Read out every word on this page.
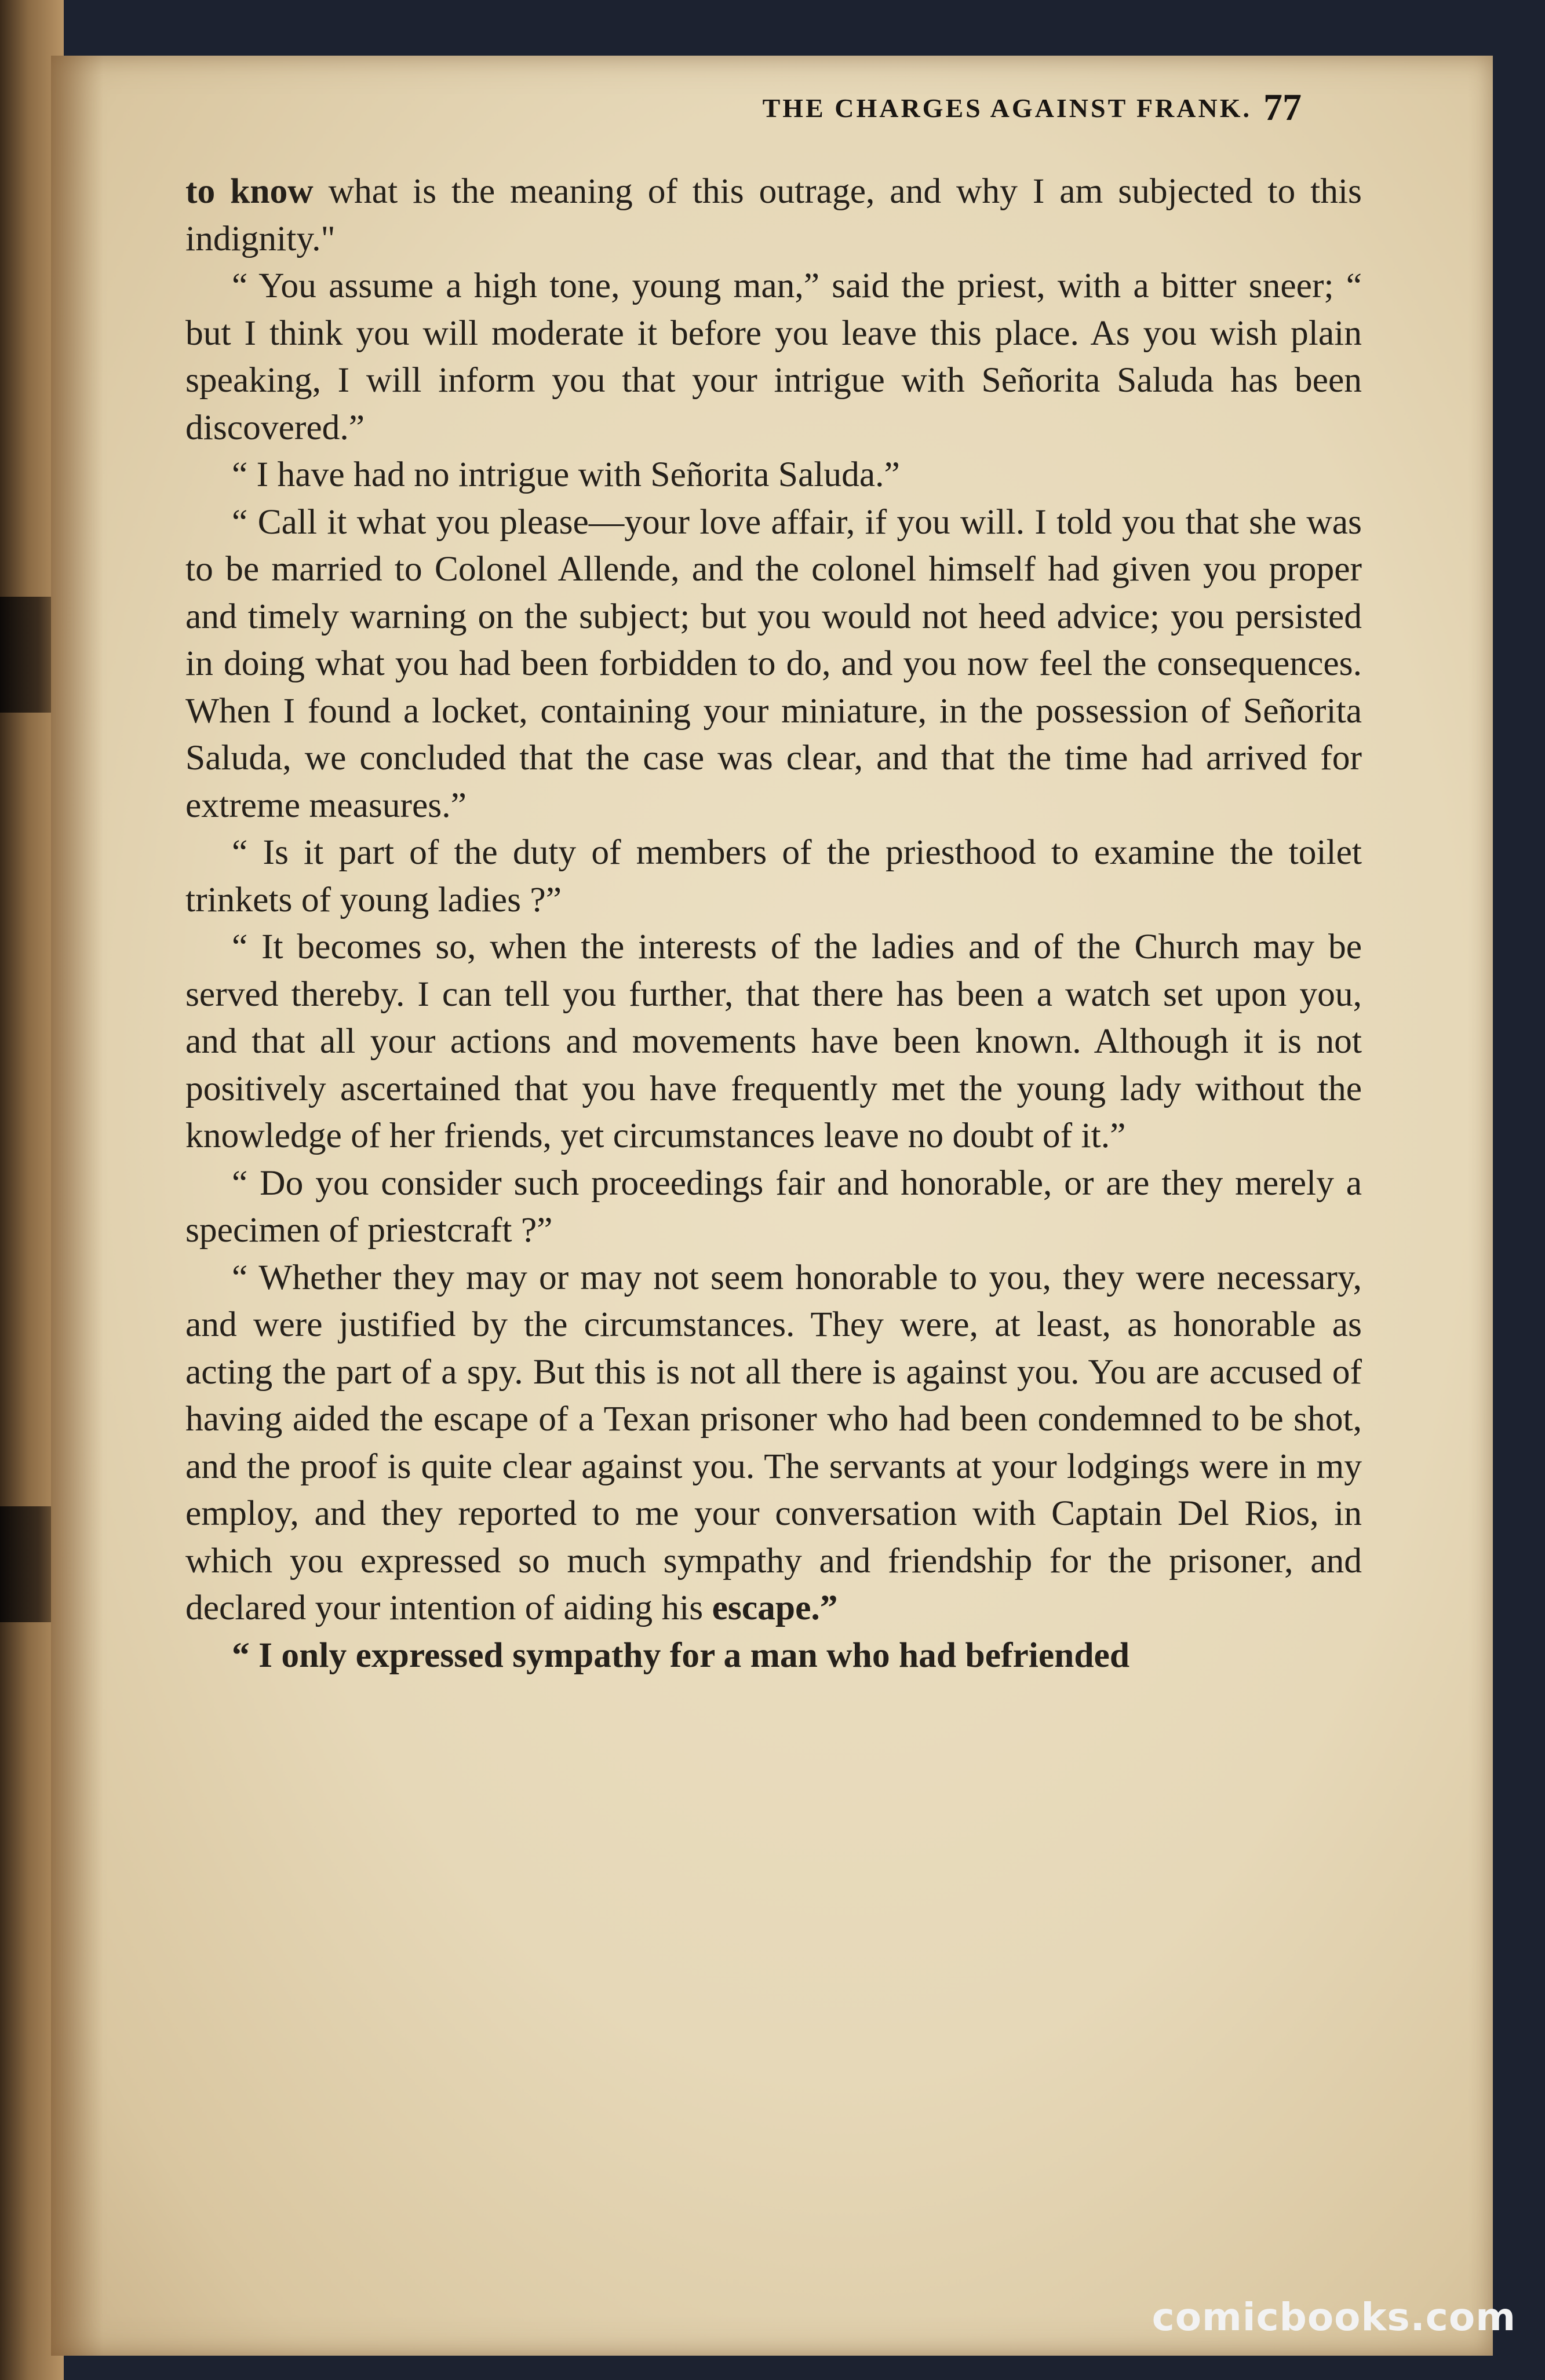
THE CHARGES AGAINST FRANK. 77

to know what is the meaning of this outrage, and why I am subjected to this indignity."

“ You assume a high tone, young man,” said the priest, with a bitter sneer; “ but I think you will moderate it before you leave this place. As you wish plain speaking, I will inform you that your intrigue with Señorita Saluda has been discovered.”

“ I have had no intrigue with Señorita Saluda.”

“ Call it what you please—your love affair, if you will. I told you that she was to be married to Colonel Allende, and the colonel himself had given you proper and timely warning on the subject; but you would not heed advice; you persisted in doing what you had been forbidden to do, and you now feel the consequences. When I found a locket, containing your miniature, in the possession of Señorita Saluda, we concluded that the case was clear, and that the time had arrived for extreme measures.”

“ Is it part of the duty of members of the priesthood to examine the toilet trinkets of young ladies ?”

“ It becomes so, when the interests of the ladies and of the Church may be served thereby. I can tell you further, that there has been a watch set upon you, and that all your actions and movements have been known. Although it is not positively ascertained that you have frequently met the young lady without the knowledge of her friends, yet circumstances leave no doubt of it.”

“ Do you consider such proceedings fair and honorable, or are they merely a specimen of priestcraft ?”

“ Whether they may or may not seem honorable to you, they were necessary, and were justified by the circumstances. They were, at least, as honorable as acting the part of a spy. But this is not all there is against you. You are accused of having aided the escape of a Texan prisoner who had been condemned to be shot, and the proof is quite clear against you. The servants at your lodgings were in my employ, and they reported to me your conversation with Captain Del Rios, in which you expressed so much sympathy and friendship for the prisoner, and declared your intention of aiding his escape.”

“ I only expressed sympathy for a man who had befriended

comicbooks.com
